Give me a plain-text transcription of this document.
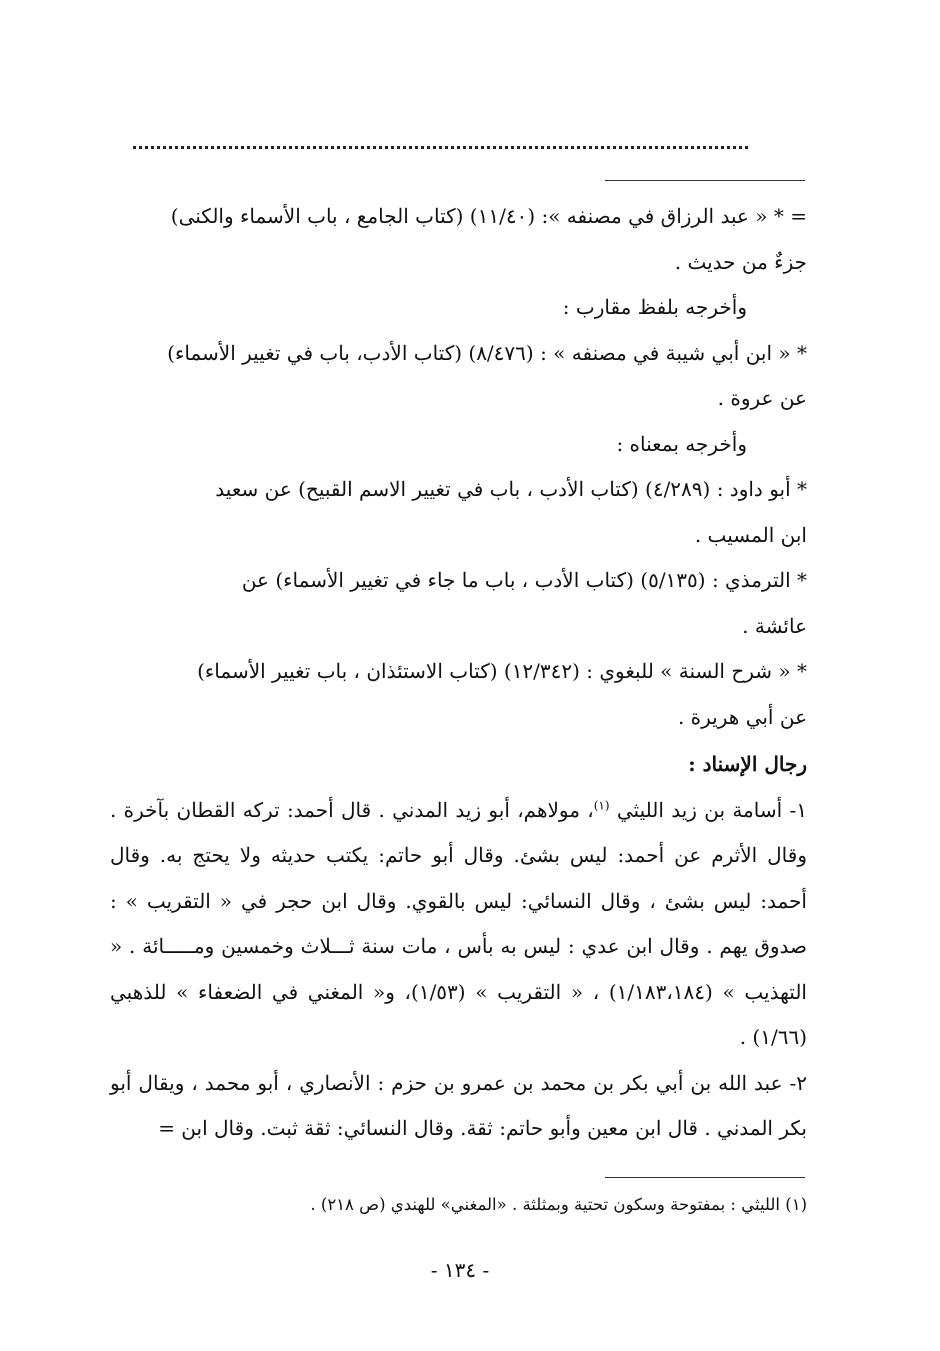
= * « عبد الرزاق في مصنفه »: (١١/٤٠) (كتاب الجامع ، باب الأسماء والكنى)

جزءٌ من حديث .

وأخرجه بلفظ مقارب :

* « ابن أبي شيبة في مصنفه » : (٨/٤٧٦) (كتاب الأدب، باب في تغيير الأسماء)

عن عروة .

وأخرجه بمعناه :

* أبو داود : (٤/٢٨٩) (كتاب الأدب ، باب في تغيير الاسم القبيح) عن سعيد

ابن المسيب .

* الترمذي : (٥/١٣٥) (كتاب الأدب ، باب ما جاء في تغيير الأسماء) عن

عائشة .

* « شرح السنة » للبغوي : (١٢/٣٤٢) (كتاب الاستئذان ، باب تغيير الأسماء)

عن أبي هريرة .

رجال الإسناد :

١- أسامة بن زيد الليثي $^{(١)}$، مولاهم، أبو زيد المدني . قال أحمد: تركه القطان بآخرة . وقال الأثرم عن أحمد: ليس بشئ. وقال أبو حاتم: يكتب حديثه ولا يحتج به. وقال أحمد: ليس بشئ ، وقال النسائي: ليس بالقوي. وقال ابن حجر في « التقريب » : صدوق يهم . وقال ابن عدي : ليس به بأس ، مات سنة ثـــلاث وخمسين ومـــــائة . « التهذيب » (١/١٨٣،١٨٤) ، « التقريب » (١/٥٣)، و« المغني في الضعفاء » للذهبي (١/٦٦) .

٢- عبد الله بن أبي بكر بن محمد بن عمرو بن حزم : الأنصاري ، أبو محمد ، ويقال أبو بكر المدني . قال ابن معين وأبو حاتم: ثقة. وقال النسائي: ثقة ثبت. وقال ابن =

(١) الليثي : بمفتوحة وسكون تحتية وبمثلثة . «المغني» للهندي (ص ٢١٨) .
- ١٣٤ -
